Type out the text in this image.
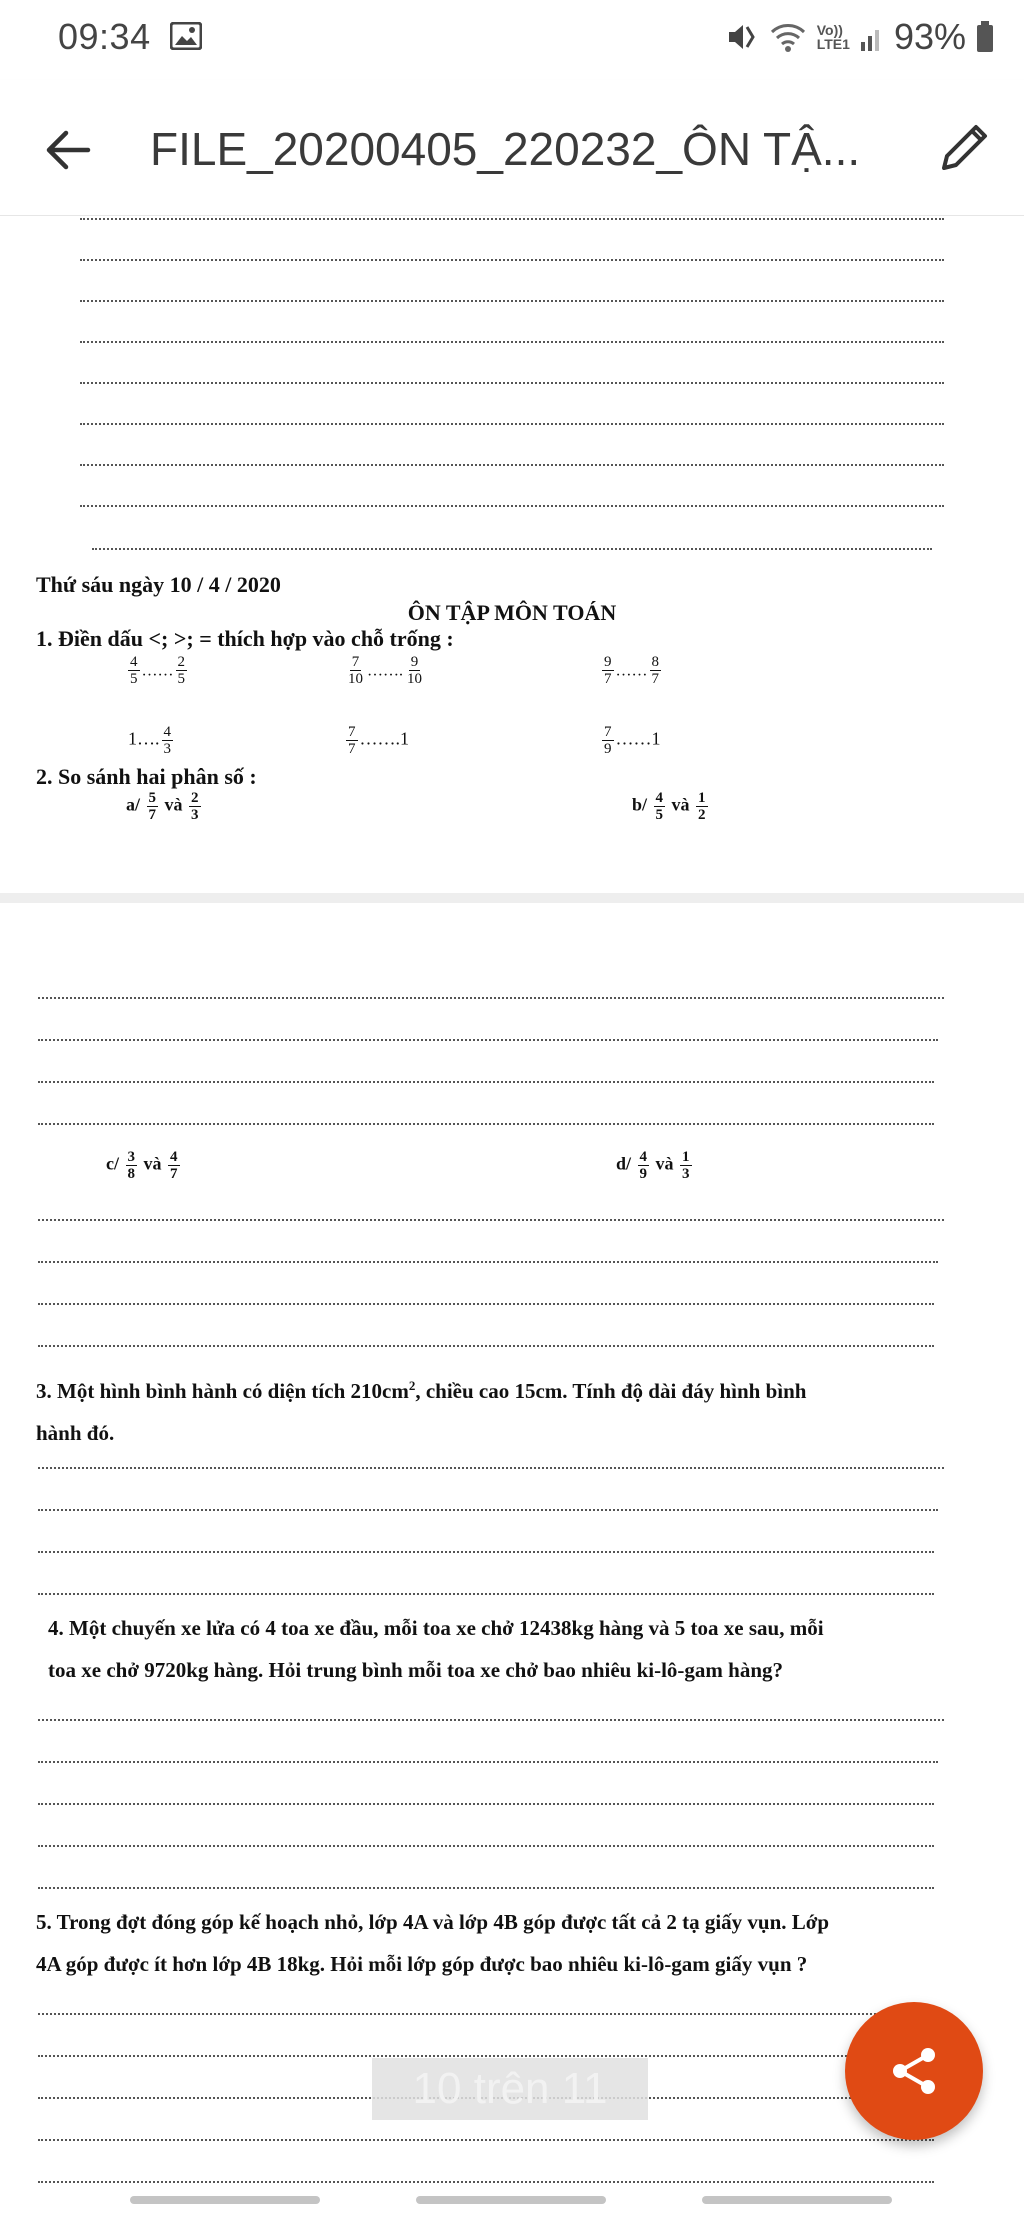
09:34	Vo))
LTE1 93%
FILE_20200405_220232_ÔN TẬ...
Thứ sáu ngày 10 / 4 / 2020
ÔN TẬP MÔN TOÁN
1. Điền dấu <; >; = thích hợp vào chỗ trống :
$\frac{4}{5}$ …… $\frac{2}{5}$	$\frac{7}{10}$ ……. $\frac{9}{10}$	$\frac{9}{7}$ …… $\frac{8}{7}$
1…. $\frac{4}{3}$	$\frac{7}{7}$ …….1	$\frac{7}{9}$ ……1
2. So sánh hai phân số :
$a/ \frac{5}{7}$ và $\frac{2}{3}$	$b/ \frac{4}{5}$ và $\frac{1}{2}$
$c/ \frac{3}{8}$ và $\frac{4}{7}$	$d/ \frac{4}{9}$ và $\frac{1}{3}$
3. Một hình bình hành có diện tích $210cm^2$, chiều cao 15cm. Tính độ dài đáy hình bình
hành đó.
4. Một chuyến xe lửa có 4 toa xe đầu, mỗi toa xe chở 12438kg hàng và 5 toa xe sau, mỗi
toa xe chở 9720kg hàng. Hỏi trung bình mỗi toa xe chở bao nhiêu ki-lô-gam hàng?
5. Trong đợt đóng góp kế hoạch nhỏ, lớp 4A và lớp 4B góp được tất cả 2 tạ giấy vụn. Lớp
4A góp được ít hơn lớp 4B 18kg. Hỏi mỗi lớp góp được bao nhiêu ki-lô-gam giấy vụn ?
10 trên 11
